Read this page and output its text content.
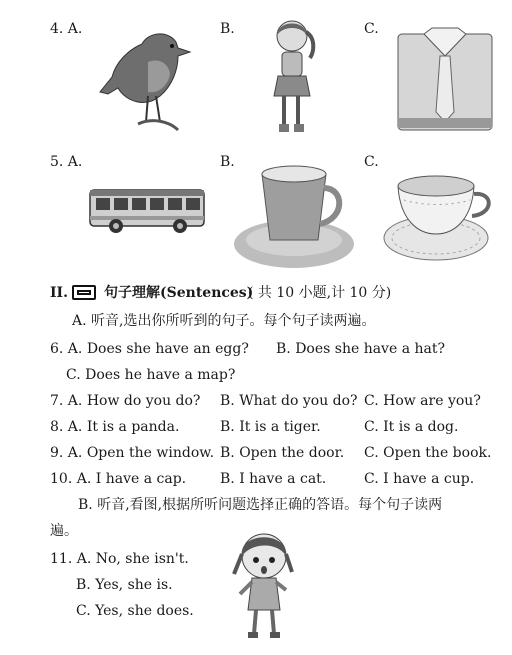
4. A.	B.	C.
5. A.	B.	C.
II.	句子理解(Sentences)
( 共 10 小题,计 10 分)
A. 听音,选出你所听到的句子。每个句子读两遍。
6. A. Does she have an egg? B. Does she have a hat?
C. Does he have a map?
7. A. How do you do? B. What do you do? C. How are you?
8. A. It is a panda.	B. It is a tiger.	C. It is a dog.
9. A. Open the window. B. Open the door. C. Open the book.
10. A. I have a cap. B. I have a cat.	C. I have a cup.
B. 听音,看图,根据所听问题选择正确的答语。每个句子读两
遍。
11. A. No, she isn't.
B. Yes, she is.
C. Yes, she does.
